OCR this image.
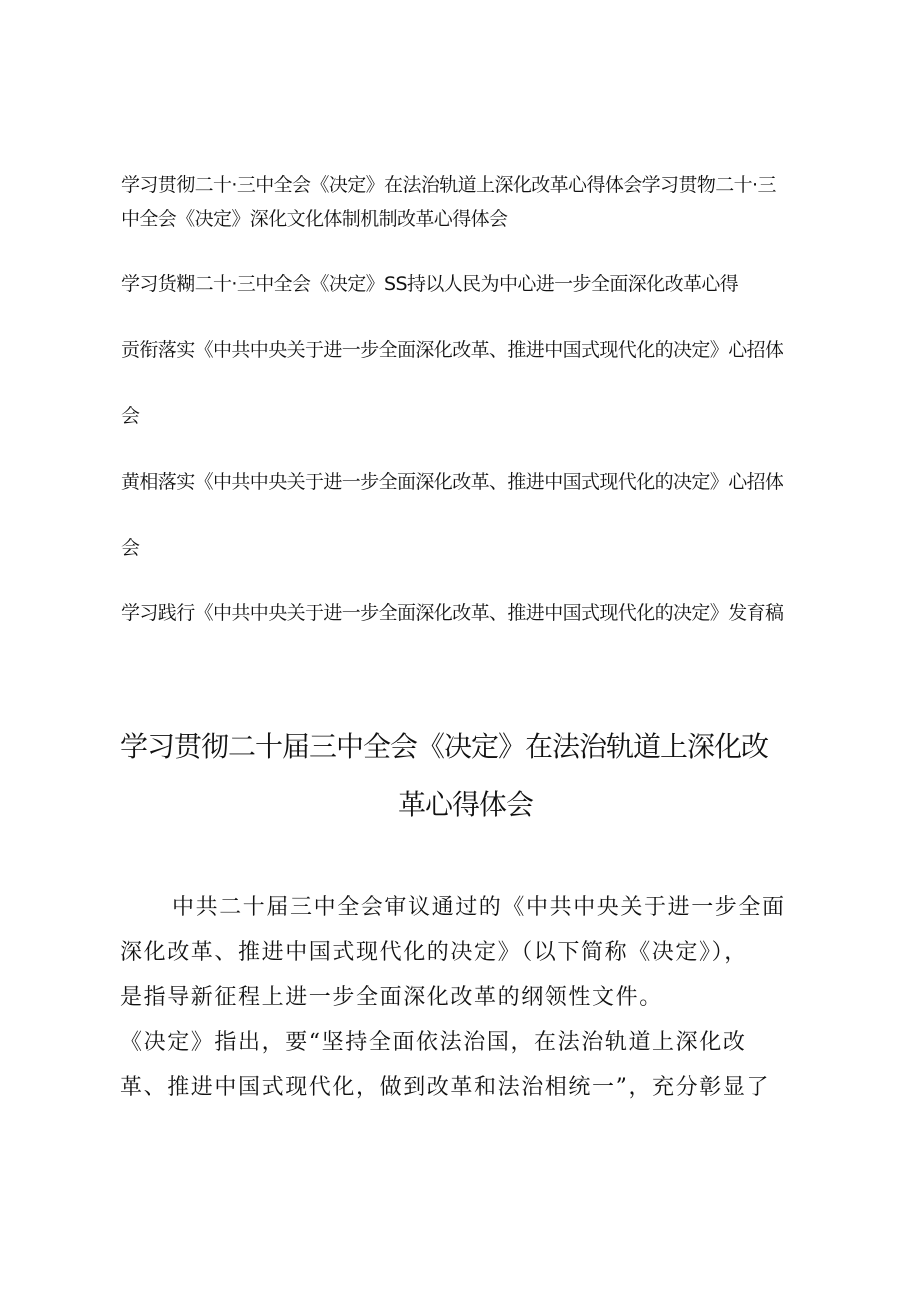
学习贯彻二十·三中全会《决定》在法治轨道上深化改革心得体会学习贯物二十·三
中全会《决定》深化文化体制机制改革心得体会
学习货糊二十·三中全会《决定》SS持以人民为中心进一步全面深化改革心得
贡衔落实《中共中央关于进一步全面深化改革、推进中国式现代化的决定》心招体
会
黄相落实《中共中央关于进一步全面深化改革、推进中国式现代化的决定》心招体
会
学习践行《中共中央关于进一步全面深化改革、推进中国式现代化的决定》发育稿
学习贯彻二十届三中全会《决定》在法治轨道上深化改
革心得体会
中共二十届三中全会审议通过的《中共中央关于进一步全面
深化改革、推进中国式现代化的决定》（以下简称《决定》），
是指导新征程上进一步全面深化改革的纲领性文件。
《决定》指出，要“坚持全面依法治国，在法治轨道上深化改
革、推进中国式现代化，做到改革和法治相统一”，充分彰显了
